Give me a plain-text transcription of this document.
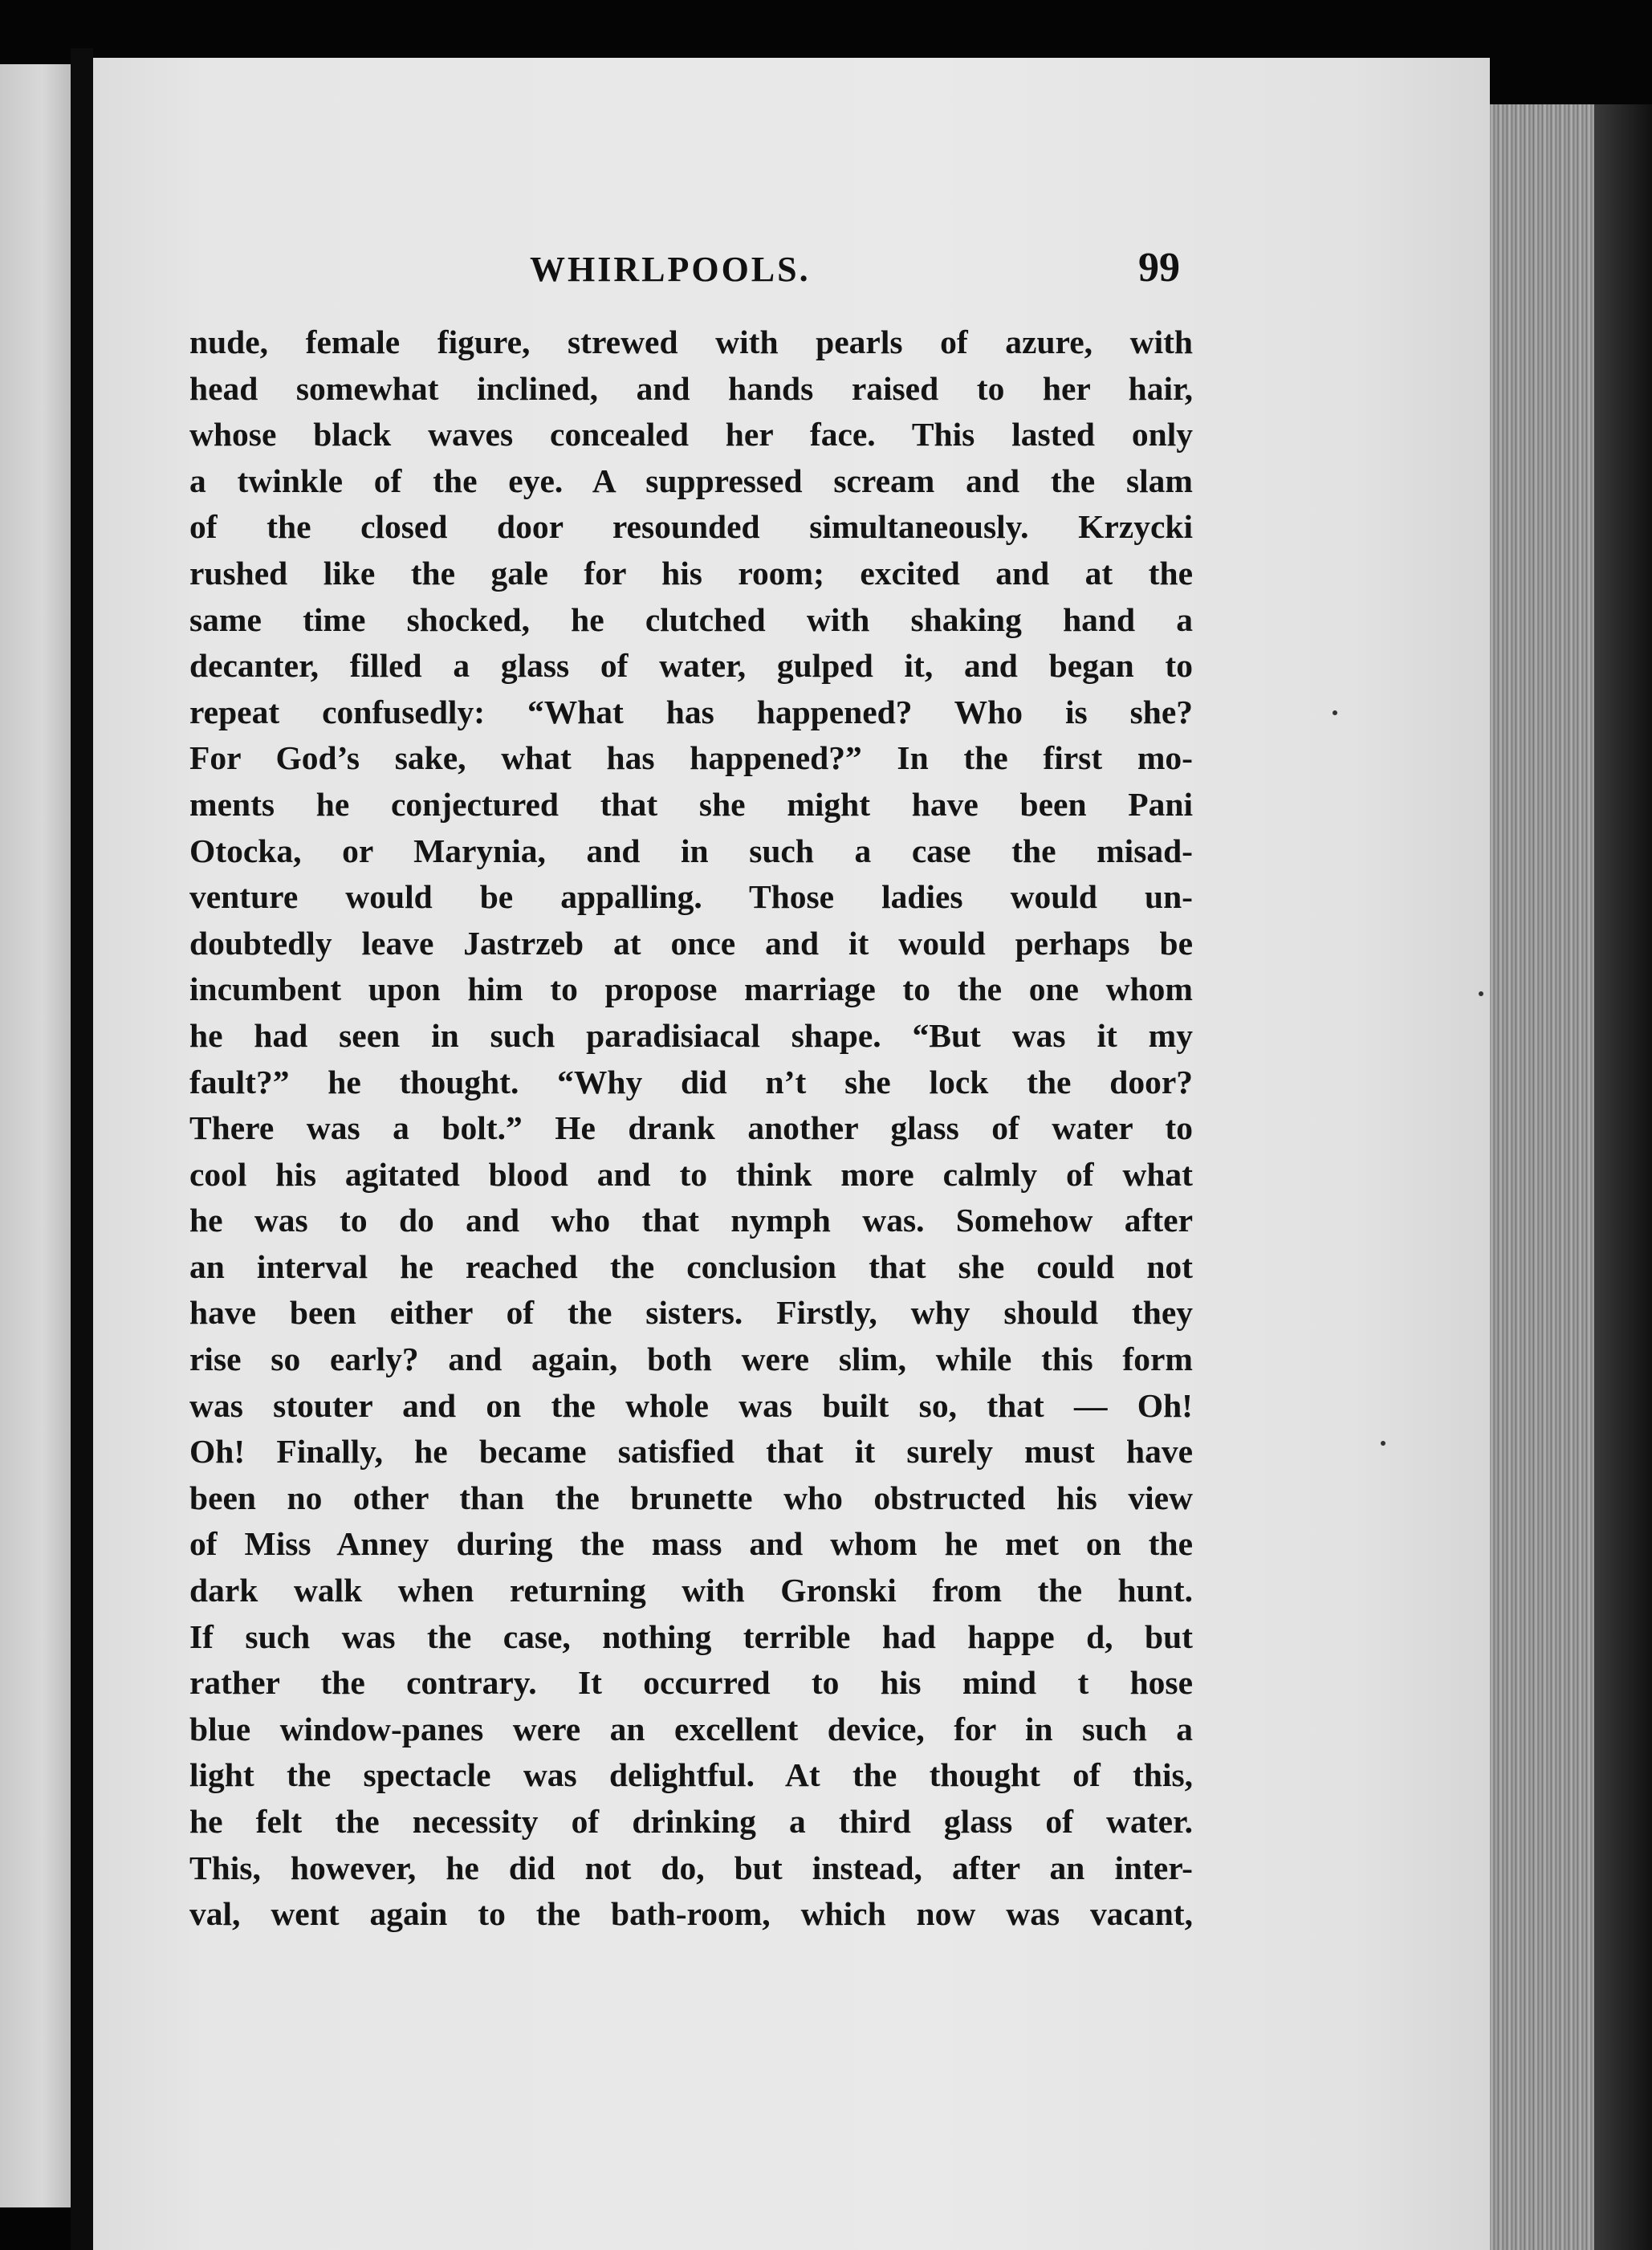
WHIRLPOOLS.	99
nude, female figure, strewed with pearls of azure, with
head somewhat inclined, and hands raised to her hair,
whose black waves concealed her face. This lasted only
a twinkle of the eye. A suppressed scream and the slam
of the closed door resounded simultaneously. Krzycki
rushed like the gale for his room; excited and at the
same time shocked, he clutched with shaking hand a
decanter, filled a glass of water, gulped it, and began to
repeat confusedly: “What has happened? Who is she?
For God’s sake, what has happened?” In the first mo-
ments he conjectured that she might have been Pani
Otocka, or Marynia, and in such a case the misad-
venture would be appalling. Those ladies would un-
doubtedly leave Jastrzeb at once and it would perhaps be
incumbent upon him to propose marriage to the one whom
he had seen in such paradisiacal shape. “But was it my
fault?” he thought. “Why did n’t she lock the door?
There was a bolt.” He drank another glass of water to
cool his agitated blood and to think more calmly of what
he was to do and who that nymph was. Somehow after
an interval he reached the conclusion that she could not
have been either of the sisters. Firstly, why should they
rise so early? and again, both were slim, while this form
was stouter and on the whole was built so, that — Oh!
Oh! Finally, he became satisfied that it surely must have
been no other than the brunette who obstructed his view
of Miss Anney during the mass and whom he met on the
dark walk when returning with Gronski from the hunt.
If such was the case, nothing terrible had happe d, but
rather the contrary. It occurred to his mind t hose
blue window-panes were an excellent device, for in such a
light the spectacle was delightful. At the thought of this,
he felt the necessity of drinking a third glass of water.
This, however, he did not do, but instead, after an inter-
val, went again to the bath-room, which now was vacant,
